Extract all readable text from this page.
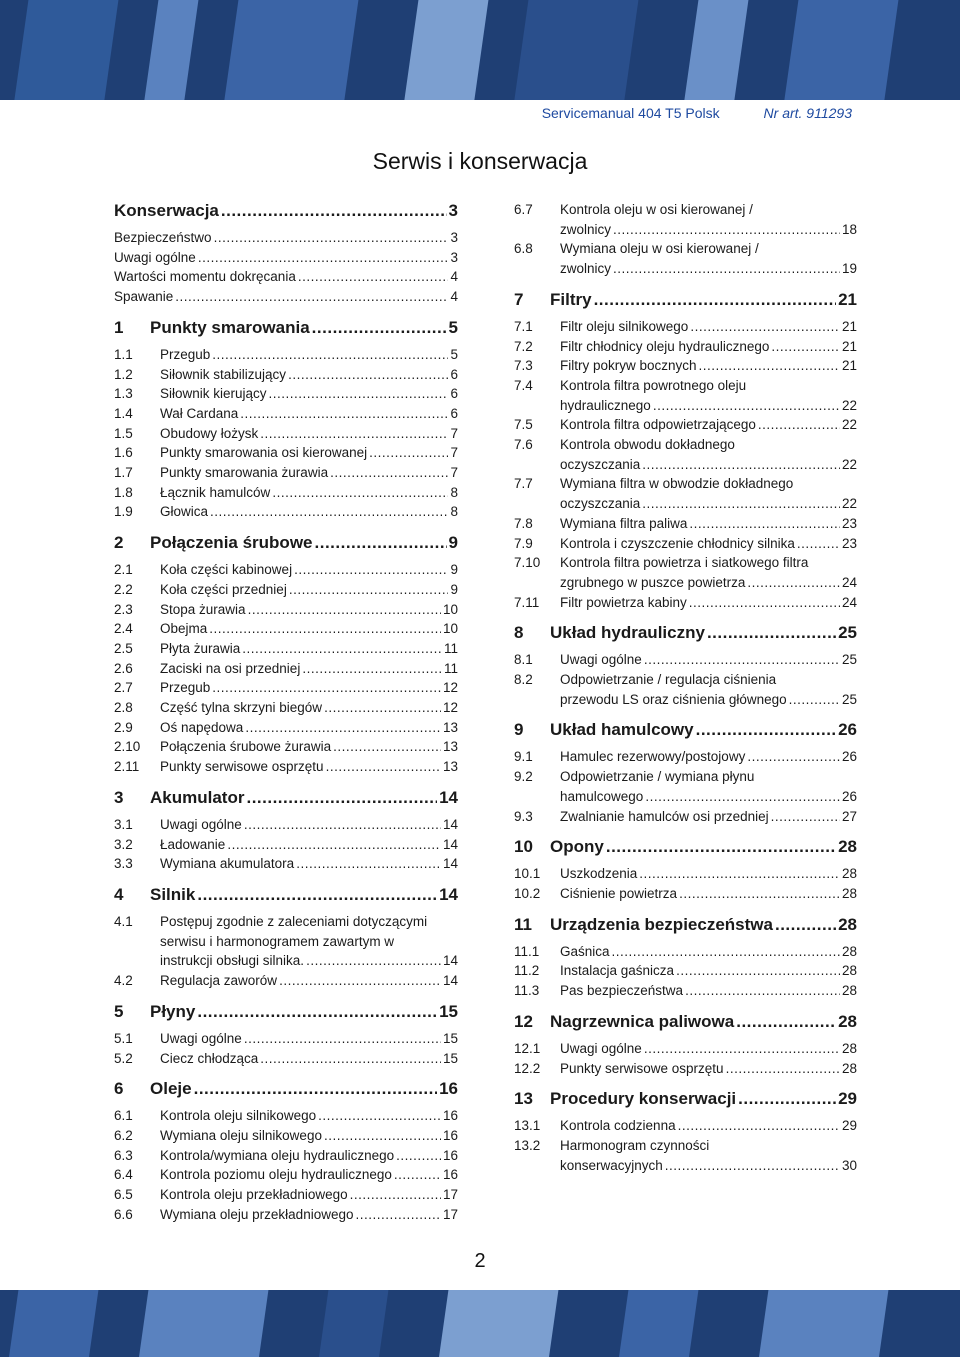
Servicemanual 404 T5 Polsk	Nr art. 911293
Serwis i konserwacja
Konserwacja .....	3
Bezpieczeństwo .....	3
Uwagi ogólne .....	3
Wartości momentu dokręcania .....	4
Spawanie .....	4
1	Punkty smarowania .....	5
1.1	Przegub .....	5
1.2	Siłownik stabilizujący .....	6
1.3	Siłownik kierujący .....	6
1.4	Wał Cardana .....	6
1.5	Obudowy łożysk .....	7
1.6	Punkty smarowania osi kierowanej .....	7
1.7	Punkty smarowania żurawia .....	7
1.8	Łącznik hamulców .....	8
1.9	Głowica .....	8
2	Połączenia śrubowe .....	9
2.1	Koła części kabinowej .....	9
2.2	Koła części przedniej .....	9
2.3	Stopa żurawia .....	10
2.4	Obejma .....	10
2.5	Płyta żurawia .....	11
2.6	Zaciski na osi przedniej .....	11
2.7	Przegub .....	12
2.8	Część tylna skrzyni biegów .....	12
2.9	Oś napędowa .....	13
2.10	Połączenia śrubowe żurawia .....	13
2.11	Punkty serwisowe osprzętu .....	13
3	Akumulator .....	14
3.1	Uwagi ogólne .....	14
3.2	Ładowanie .....	14
3.3	Wymiana akumulatora .....	14
4	Silnik .....	14
4.1	Postępuj zgodnie z zaleceniami dotyczącymi
serwisu i harmonogramem zawartym w
instrukcji obsługi silnika. .....	14
4.2	Regulacja zaworów .....	14
5	Płyny .....	15
5.1	Uwagi ogólne .....	15
5.2	Ciecz chłodząca .....	15
6	Oleje .....	16
6.1	Kontrola oleju silnikowego .....	16
6.2	Wymiana oleju silnikowego .....	16
6.3	Kontrola/wymiana oleju hydraulicznego .....	16
6.4	Kontrola poziomu oleju hydraulicznego .....	16
6.5	Kontrola oleju przekładniowego .....	17
6.6	Wymiana oleju przekładniowego .....	17
6.7	Kontrola oleju w osi kierowanej /
zwolnicy .....	18
6.8	Wymiana oleju w osi kierowanej /
zwolnicy .....	19
7	Filtry .....	21
7.1	Filtr oleju silnikowego .....	21
7.2	Filtr chłodnicy oleju hydraulicznego .....	21
7.3	Filtry pokryw bocznych .....	21
7.4	Kontrola filtra powrotnego oleju
hydraulicznego .....	22
7.5	Kontrola filtra odpowietrzającego .....	22
7.6	Kontrola obwodu dokładnego
oczyszczania .....	22
7.7	Wymiana filtra w obwodzie dokładnego
oczyszczania .....	22
7.8	Wymiana filtra paliwa .....	23
7.9	Kontrola i czyszczenie chłodnicy silnika .....	23
7.10	Kontrola filtra powietrza i siatkowego filtra
zgrubnego w puszce powietrza .....	24
7.11	Filtr powietrza kabiny .....	24
8	Układ hydrauliczny .....	25
8.1	Uwagi ogólne .....	25
8.2	Odpowietrzanie / regulacja ciśnienia
przewodu LS oraz ciśnienia głównego .....	25
9	Układ hamulcowy .....	26
9.1	Hamulec rezerwowy/postojowy .....	26
9.2	Odpowietrzanie / wymiana płynu
hamulcowego .....	26
9.3	Zwalnianie hamulców osi przedniej .....	27
10	Opony .....	28
10.1	Uszkodzenia .....	28
10.2	Ciśnienie powietrza .....	28
11	Urządzenia bezpieczeństwa .....	28
11.1	Gaśnica .....	28
11.2	Instalacja gaśnicza .....	28
11.3	Pas bezpieczeństwa .....	28
12	Nagrzewnica paliwowa .....	28
12.1	Uwagi ogólne .....	28
12.2	Punkty serwisowe osprzętu .....	28
13	Procedury konserwacji .....	29
13.1	Kontrola codzienna .....	29
13.2	Harmonogram czynności
konserwacyjnych .....	30
2
